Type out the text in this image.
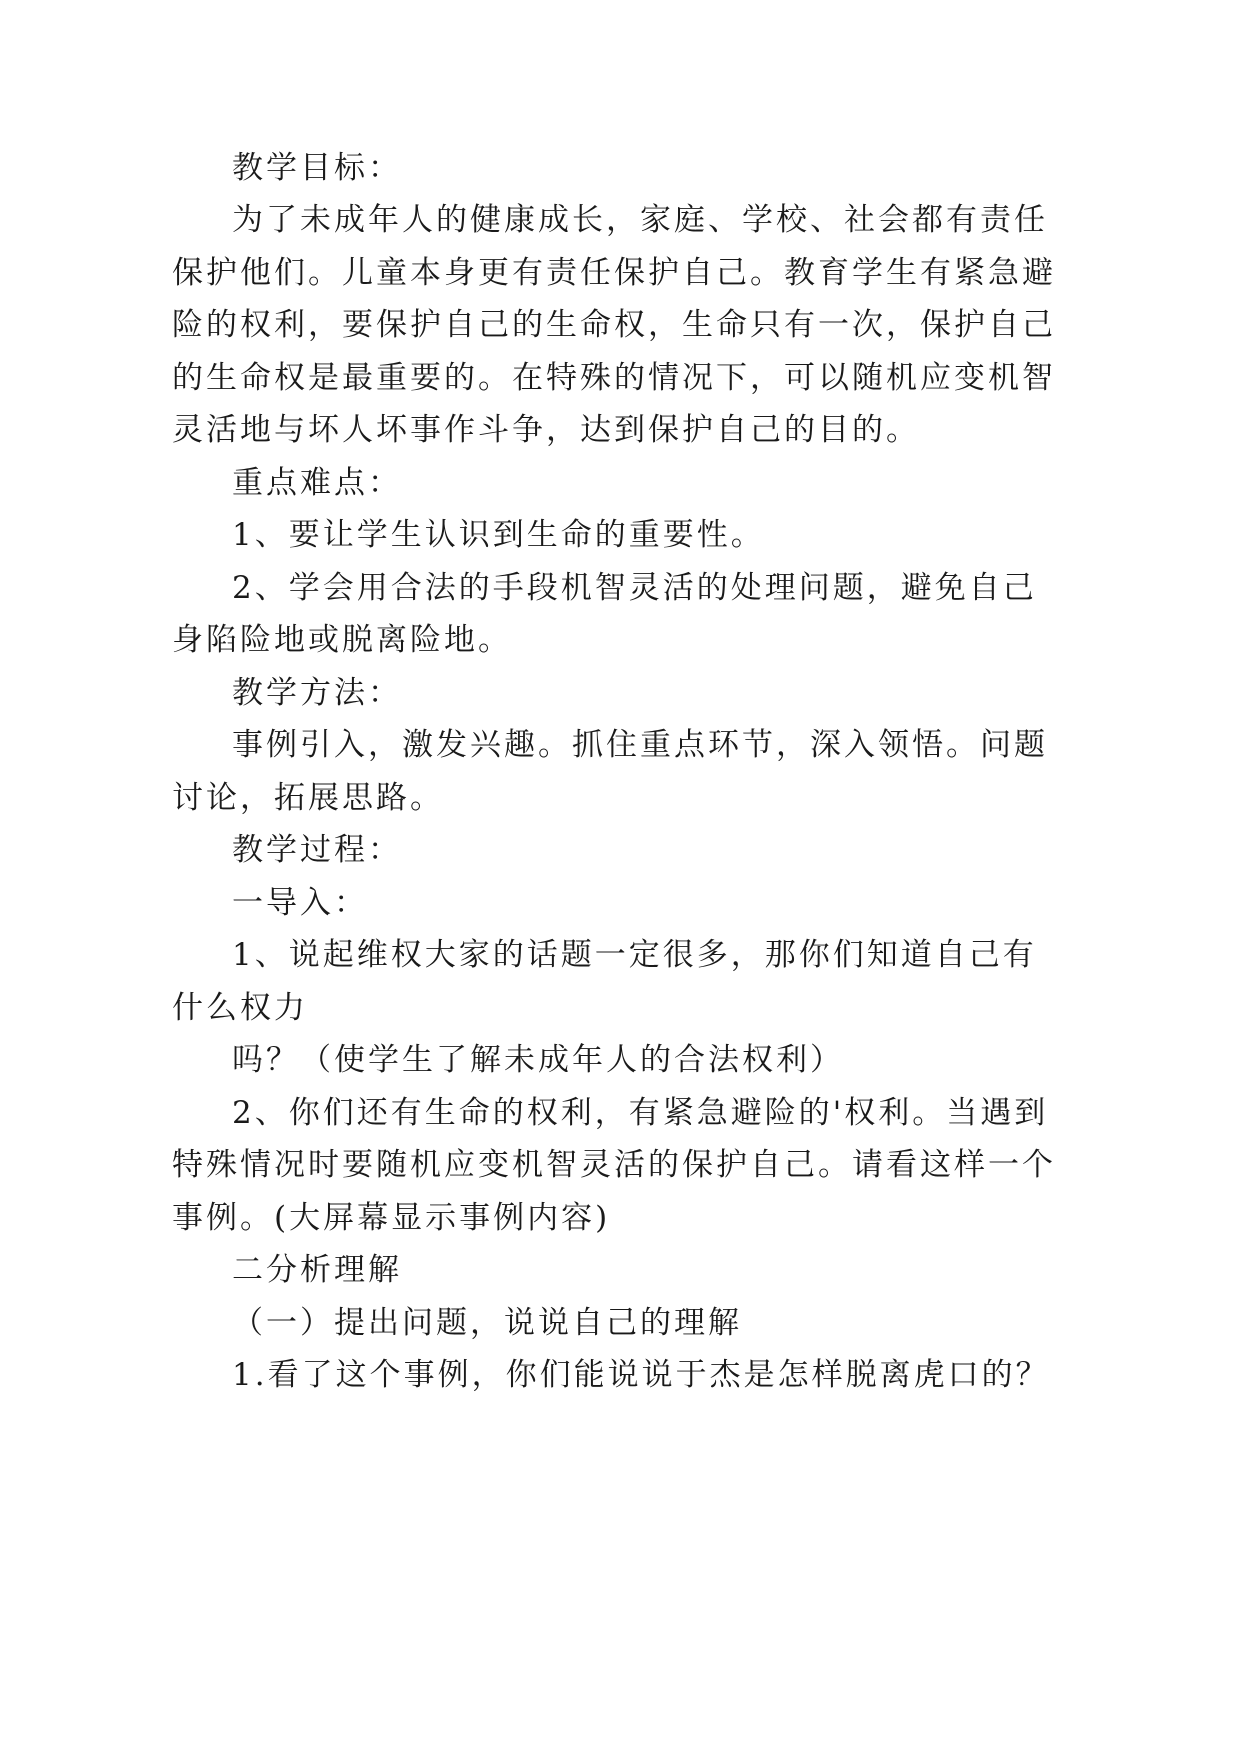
教学目标：
为了未成年人的健康成长，家庭、学校、社会都有责任
保护他们。儿童本身更有责任保护自己。教育学生有紧急避
险的权利，要保护自己的生命权，生命只有一次，保护自己
的生命权是最重要的。在特殊的情况下，可以随机应变机智
灵活地与坏人坏事作斗争，达到保护自己的目的。
重点难点：
1、要让学生认识到生命的重要性。
2、学会用合法的手段机智灵活的处理问题，避免自己
身陷险地或脱离险地。
教学方法：
事例引入，激发兴趣。抓住重点环节，深入领悟。问题
讨论，拓展思路。
教学过程：
一导入：
1、说起维权大家的话题一定很多，那你们知道自己有
什么权力
吗？（使学生了解未成年人的合法权利）
2、你们还有生命的权利，有紧急避险的'权利。当遇到
特殊情况时要随机应变机智灵活的保护自己。请看这样一个
事例。(大屏幕显示事例内容)
二分析理解
（一）提出问题，说说自己的理解
1.看了这个事例，你们能说说于杰是怎样脱离虎口的？
